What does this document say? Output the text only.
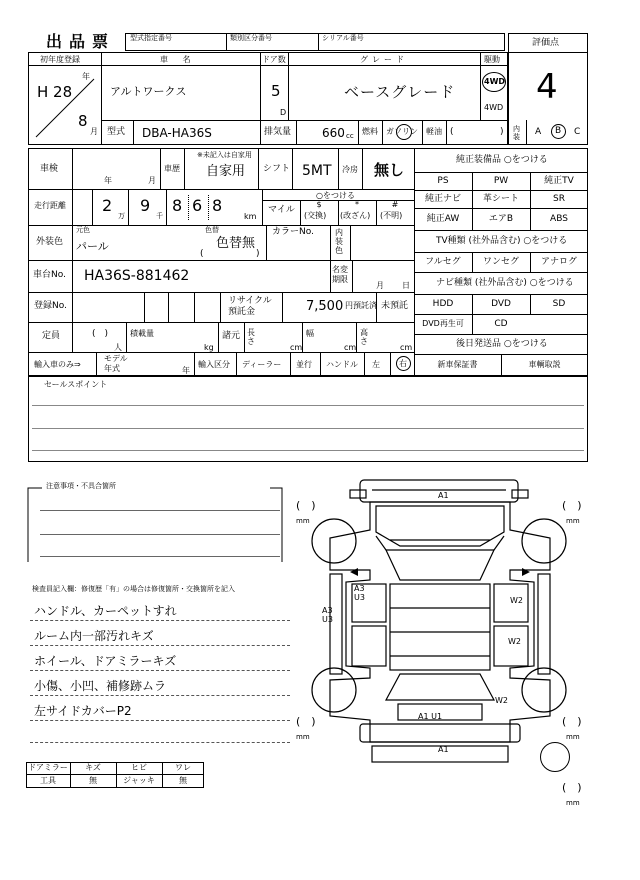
出品票 型式指定番号	類別区分番号	シリアル番号	評価点
4
初年度登録	車 名	ドア数	グレード	駆動
H 28
年
8
月
アルトワークス	5
D
ベースグレード
4WD
4WD
型式 DBA-HA36S	排気量	660 cc 燃料 ガソリン 軽油 (	) 内装	A B C
車検
年	月
車歴
※未記入は自家用
自家用 シフト 5MT 冷房 無し
走行距離 2
万
9
千
8 6 8
km
○をつける
マイル
$
(交換)
*
(改ざん)
#
(不明)
外装色
元色
パール
色替
色替無
(	)
カラーNo.	内装色
車台No. HA36S-881462	名変期限
月 日
登録No.	リサイクル預託金	7,500 円預託済 未預託
定員	(　)
人
積載量
kg
諸元 長さ
cm
幅
cm
高さ
cm
輸入車のみ⇒
モデル年式	年
輸入区分 ディーラー 並行 ハンドル 左 右
純正装備品 ○をつける
PS	PW	純正TV
純正ナビ	革シート	SR
純正AW	エアB	ABS
TV種類 (社外品含む) ○をつける
フルセグ	ワンセグ	アナログ
ナビ種類 (社外品含む) ○をつける
HDD	DVD	SD
DVD再生可	CD
後日発送品 ○をつける
新車保証書	車輌取説
セールスポイント
注意事項・不具合箇所
検査員記入欄：修復歴「有」の場合は修復箇所・交換箇所を記入
ハンドル、カーペットすれ
ルーム内一部汚れキズ
ホイール、ドアミラーキズ
小傷、小凹、補修跡ムラ
左サイドカバーP2
ドアミラー	キズ	ヒビ	ワレ
工具	無	ジャッキ	無
A1
A3
U3
A3
U3
W2
W2
W2
A1 U1
A1
(　)
mm
(　)
mm
(　)
mm
(　)
mm
(　)
mm
